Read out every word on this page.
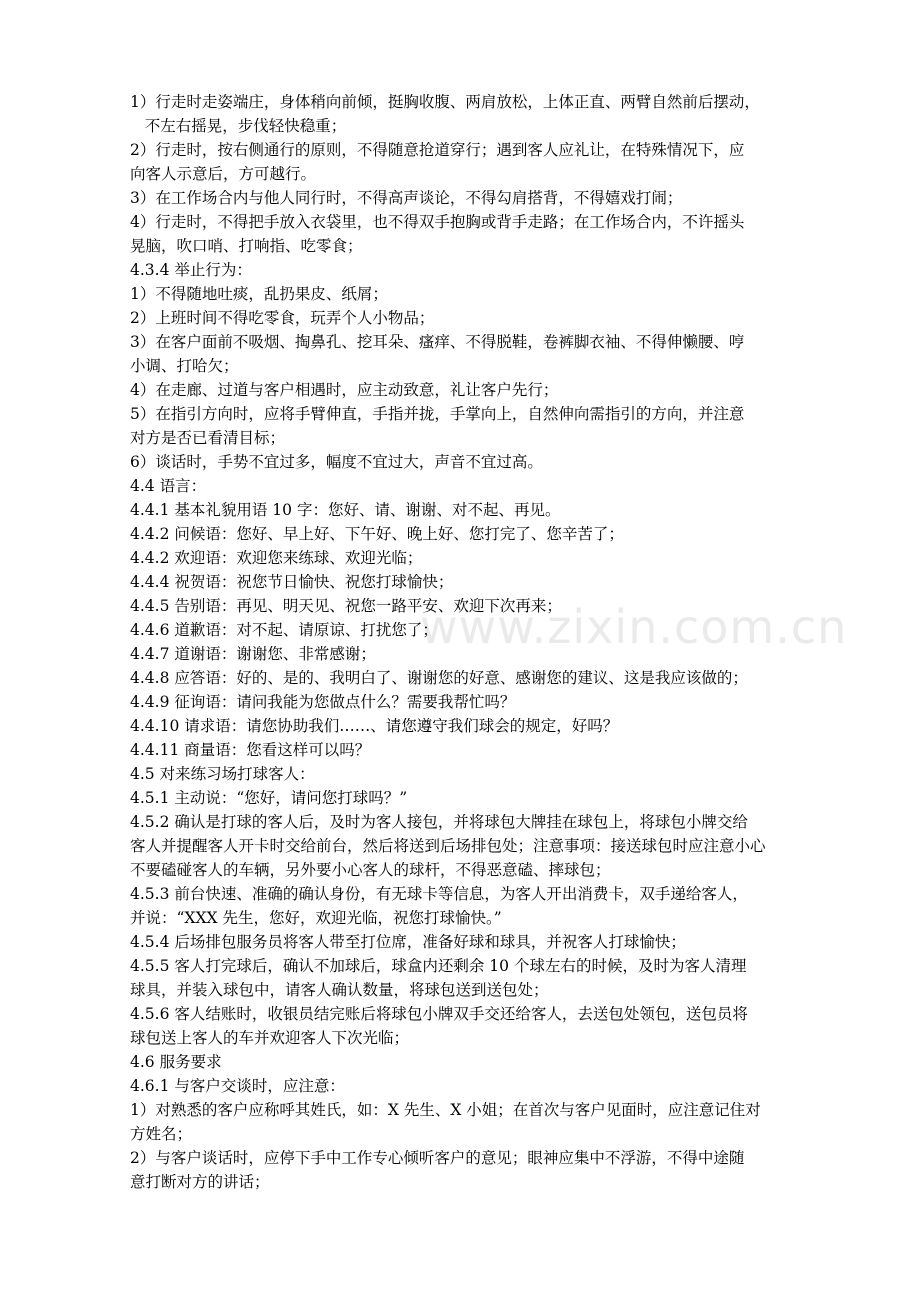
www.zixin.com.cn

1）行走时走姿端庄，身体稍向前倾，挺胸收腹、两肩放松，上体正直、两臂自然前后摆动，
不左右摇晃，步伐轻快稳重；

2）行走时，按右侧通行的原则，不得随意抢道穿行；遇到客人应礼让，在特殊情况下，应
向客人示意后，方可越行。

3）在工作场合内与他人同行时，不得高声谈论，不得勾肩搭背，不得嬉戏打闹；

4）行走时，不得把手放入衣袋里，也不得双手抱胸或背手走路；在工作场合内，不许摇头
晃脑，吹口哨、打响指、吃零食；

4.3.4 举止行为：

1）不得随地吐痰，乱扔果皮、纸屑；

2）上班时间不得吃零食，玩弄个人小物品；

3）在客户面前不吸烟、掏鼻孔、挖耳朵、瘙痒、不得脱鞋，卷裤脚衣袖、不得伸懒腰、哼
小调、打哈欠；

4）在走廊、过道与客户相遇时，应主动致意，礼让客户先行；

5）在指引方向时，应将手臂伸直，手指并拢，手掌向上，自然伸向需指引的方向，并注意
对方是否已看清目标；

6）谈话时，手势不宜过多，幅度不宜过大，声音不宜过高。

4.4 语言：

4.4.1 基本礼貌用语 10 字：您好、请、谢谢、对不起、再见。

4.4.2 问候语：您好、早上好、下午好、晚上好、您打完了、您辛苦了；

4.4.2 欢迎语：欢迎您来练球、欢迎光临；

4.4.4 祝贺语：祝您节日愉快、祝您打球愉快；

4.4.5 告别语：再见、明天见、祝您一路平安、欢迎下次再来；

4.4.6 道歉语：对不起、请原谅、打扰您了；

4.4.7 道谢语：谢谢您、非常感谢；

4.4.8 应答语：好的、是的、我明白了、谢谢您的好意、感谢您的建议、这是我应该做的；

4.4.9 征询语：请问我能为您做点什么？需要我帮忙吗？

4.4.10 请求语：请您协助我们……、请您遵守我们球会的规定，好吗？

4.4.11 商量语：您看这样可以吗？

4.5 对来练习场打球客人：

4.5.1 主动说：“您好，请问您打球吗？”

4.5.2 确认是打球的客人后，及时为客人接包，并将球包大牌挂在球包上，将球包小牌交给
客人并提醒客人开卡时交给前台，然后将送到后场排包处；注意事项：接送球包时应注意小心
不要磕碰客人的车辆，另外要小心客人的球杆，不得恶意磕、摔球包；

4.5.3 前台快速、准确的确认身份，有无球卡等信息，为客人开出消费卡，双手递给客人，
并说：“XXX 先生，您好，欢迎光临，祝您打球愉快。”

4.5.4 后场排包服务员将客人带至打位席，准备好球和球具，并祝客人打球愉快；

4.5.5 客人打完球后，确认不加球后，球盒内还剩余 10 个球左右的时候，及时为客人清理
球具，并装入球包中，请客人确认数量，将球包送到送包处；

4.5.6 客人结账时，收银员结完账后将球包小牌双手交还给客人，去送包处领包，送包员将
球包送上客人的车并欢迎客人下次光临；

4.6 服务要求

4.6.1 与客户交谈时，应注意：

1）对熟悉的客户应称呼其姓氏，如：X 先生、X 小姐；在首次与客户见面时，应注意记住对
方姓名；

2）与客户谈话时，应停下手中工作专心倾听客户的意见；眼神应集中不浮游，不得中途随
意打断对方的讲话；
